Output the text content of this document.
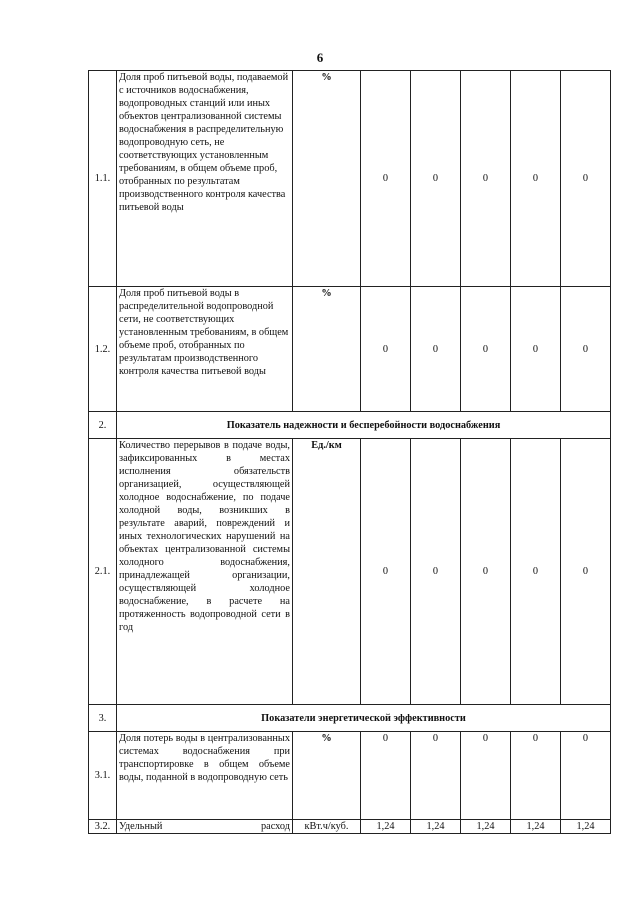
6
1.1.	Доля проб питьевой воды, подаваемой с источников водоснабжения, водопроводных станций или иных объектов централизованной системы водоснабжения в распределительную водопроводную сеть, не соответствующих установленным требованиям, в общем объеме проб, отобранных по результатам производственного контроля качества питьевой воды	%	0	0	0	0	0
1.2.	Доля проб питьевой воды в распределительной водопроводной сети, не соответствующих установленным требованиям, в общем объеме проб, отобранных по результатам производственного контроля качества питьевой воды	%	0	0	0	0	0
2.	Показатель надежности и бесперебойности водоснабжения						
2.1.	Количество перерывов в подаче воды, зафиксированных в местах исполнения обязательств организацией, осуществляющей холодное водоснабжение, по подаче холодной воды, возникших в результате аварий, повреждений и иных технологических нарушений на объектах централизованной системы холодного водоснабжения, принадлежащей организации, осуществляющей холодное водоснабжение, в расчете на протяженность водопроводной сети в год	Ед./км	0	0	0	0	0
3.	Показатели энергетической эффективности						
3.1.	Доля потерь воды в централизованных системах водоснабжения при транспортировке в общем объеме воды, поданной в водопроводную сеть	%	0	0	0	0	0
3.2.	Удельный расход	кВт.ч/куб.	1,24	1,24	1,24	1,24	1,24
